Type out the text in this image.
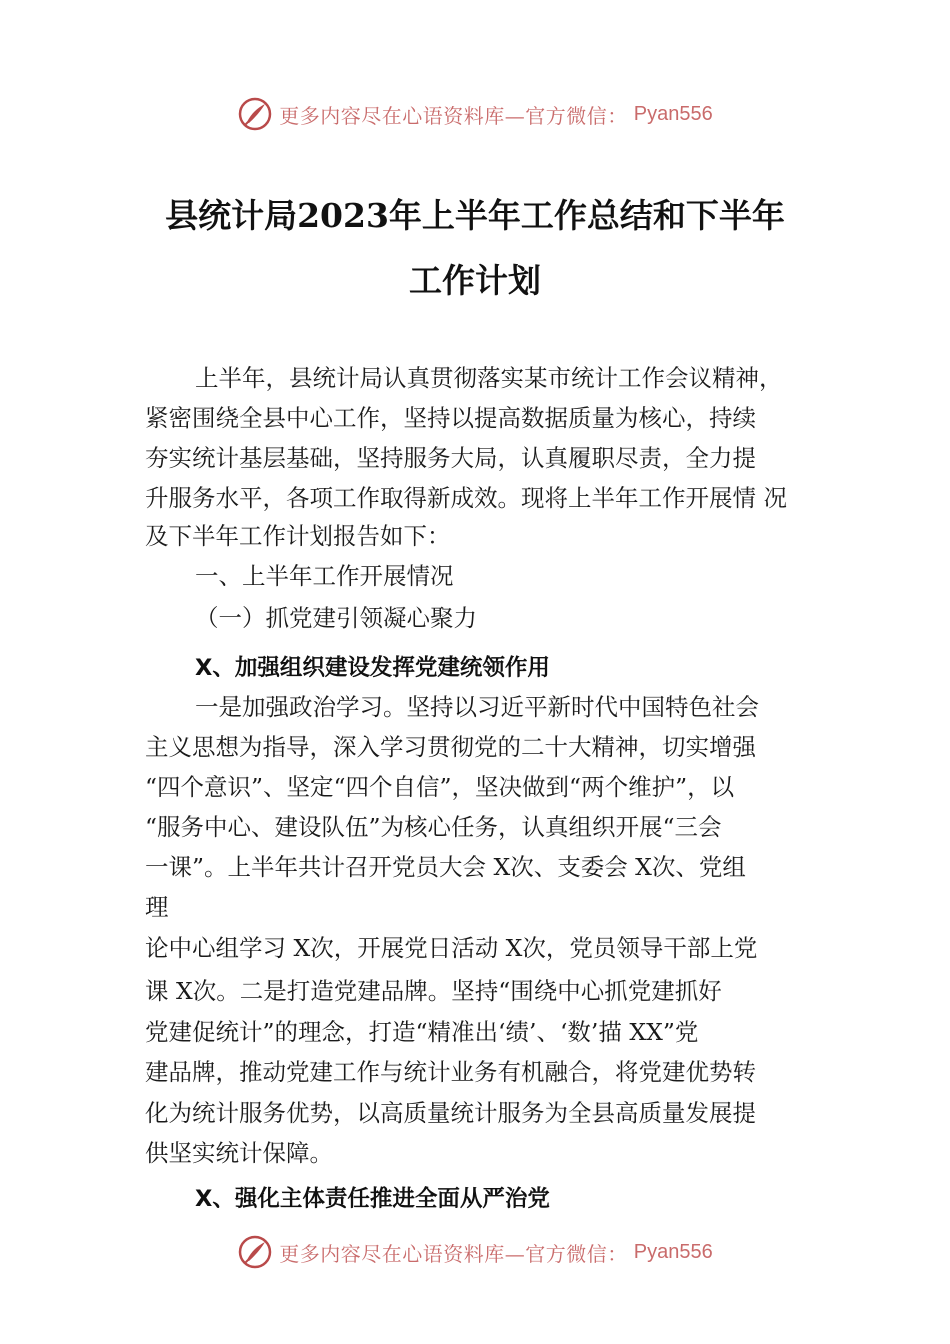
更多内容尽在心语资料库—官方微信： Pyan556
县统计局2023年上半年工作总结和下半年
工作计划
上半年，县统计局认真贯彻落实某市统计工作会议精神，
紧密围绕全县中心工作，坚持以提高数据质量为核心，持续
夯实统计基层基础，坚持服务大局，认真履职尽责，全力提
升服务水平，各项工作取得新成效。现将上半年工作开展情 况
及下半年工作计划报告如下：
一、上半年工作开展情况
（一）抓党建引领凝心聚力
X、加强组织建设发挥党建统领作用
一是加强政治学习。坚持以习近平新时代中国特色社会
主义思想为指导，深入学习贯彻党的二十大精神，切实增强
“四个意识”、坚定“四个自信”，坚决做到“两个维护”，以
“服务中心、建设队伍”为核心任务，认真组织开展“三会
一课”。上半年共计召开党员大会 X次、支委会 X次、党组
理
论中心组学习 X次，开展党日活动 X次，党员领导干部上党
课 X次。二是打造党建品牌。坚持“围绕中心抓党建抓好
党建促统计”的理念，打造“精准出‘绩’、‘数’描 XX”党
建品牌，推动党建工作与统计业务有机融合，将党建优势转
化为统计服务优势，以高质量统计服务为全县高质量发展提
供坚实统计保障。
X、强化主体责任推进全面从严治党
更多内容尽在心语资料库—官方微信： Pyan556
